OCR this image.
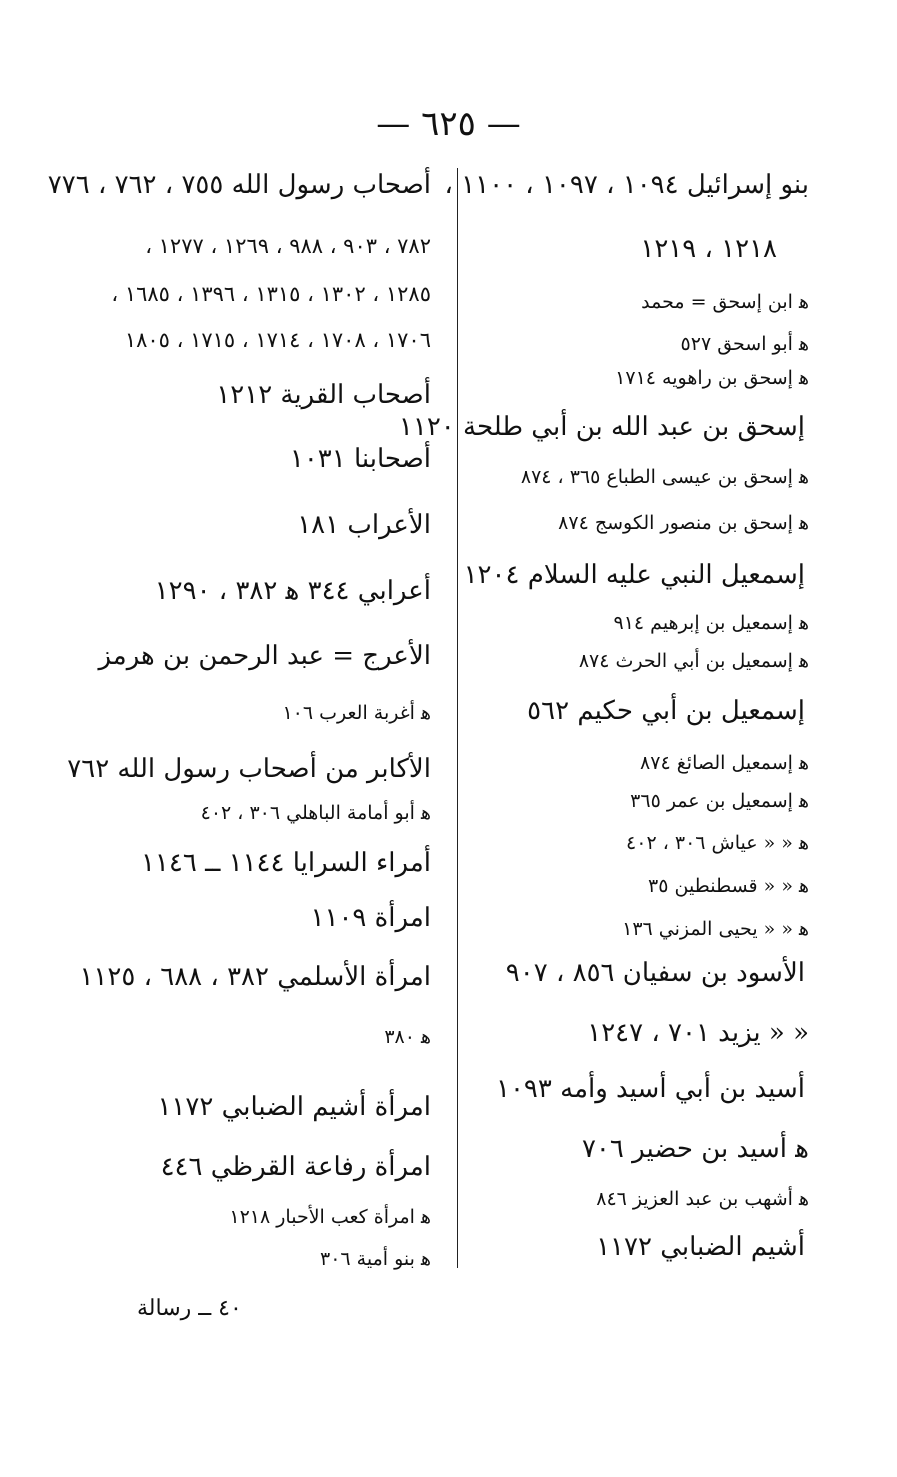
— ٦٢٥ —
بنو إسرائيل ١٠٩٤ ، ١٠٩٧ ، ١١٠٠ ،
١٢١٨ ، ١٢١٩
ﻫ ابن إسحق = محمد
ﻫ أبو اسحق ٥٢٧
ﻫ إسحق بن راهويه ١٧١٤
إسحق بن عبد الله بن أبي طلحة ١١٢٠
ﻫ إسحق بن عيسى الطباع ٣٦٥ ، ٨٧٤
ﻫ إسحق بن منصور الكوسج ٨٧٤
إسمعيل النبي عليه السلام ١٢٠٤
ﻫ إسمعيل بن إبرهيم ٩١٤
ﻫ إسمعيل بن أبي الحرث ٨٧٤
إسمعيل بن أبي حكيم ٥٦٢
ﻫ إسمعيل الصائغ ٨٧٤
ﻫ إسمعيل بن عمر ٣٦٥
ﻫ « « عياش ٣٠٦ ، ٤٠٢
ﻫ « « قسطنطين ٣٥
ﻫ « « يحيى المزني ١٣٦
الأسود بن سفيان ٨٥٦ ، ٩٠٧
« « يزيد ٧٠١ ، ١٢٤٧
أسيد بن أبي أسيد وأمه ١٠٩٣
ﻫ أسيد بن حضير ٧٠٦
ﻫ أشهب بن عبد العزيز ٨٤٦
أشيم الضبابي ١١٧٢
أصحاب رسول الله ٧٥٥ ، ٧٦٢ ، ٧٧٦
٧٨٢ ، ٩٠٣ ، ٩٨٨ ، ١٢٦٩ ، ١٢٧٧ ،
١٢٨٥ ، ١٣٠٢ ، ١٣١٥ ، ١٣٩٦ ، ١٦٨٥ ،
١٧٠٦ ، ١٧٠٨ ، ١٧١٤ ، ١٧١٥ ، ١٨٠٥
أصحاب القرية ١٢١٢
أصحابنا ١٠٣١
الأعراب ١٨١
أعرابي ٣٤٤ ﻫ ٣٨٢ ، ١٢٩٠
الأعرج = عبد الرحمن بن هرمز
ﻫ أغربة العرب ١٠٦
الأكابر من أصحاب رسول الله ٧٦٢
ﻫ أبو أمامة الباهلي ٣٠٦ ، ٤٠٢
أمراء السرايا ١١٤٤ ــ ١١٤٦
امرأة ١١٠٩
امرأة الأسلمي ٣٨٢ ، ٦٨٨ ، ١١٢٥
ﻫ ٣٨٠
امرأة أشيم الضبابي ١١٧٢
امرأة رفاعة القرظي ٤٤٦
ﻫ امرأة كعب الأحبار ١٢١٨
ﻫ بنو أمية ٣٠٦
٤٠ ــ رسالة
